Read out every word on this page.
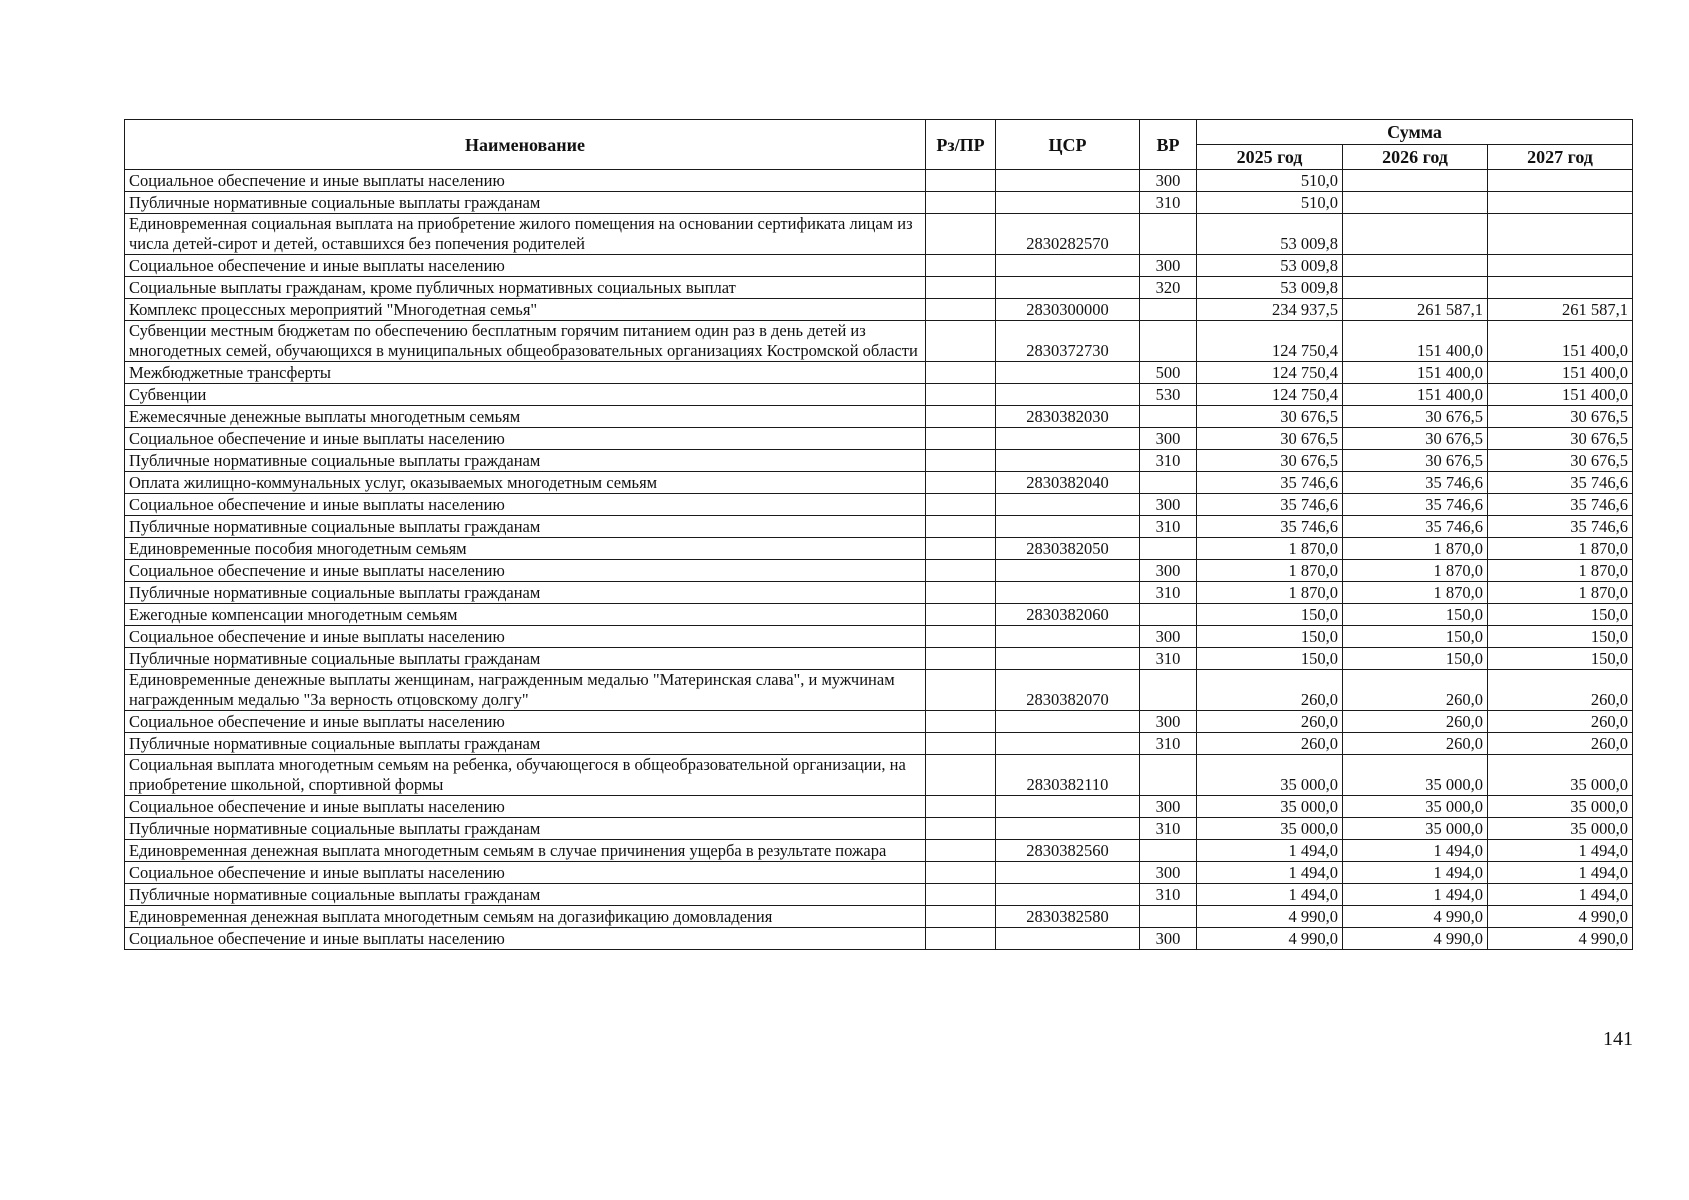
Наименование	Рз/ПР	ЦСР	ВР	Сумма		
				2025 год	2026 год	2027 год
Социальное обеспечение и иные выплаты населению			300	510,0		
Публичные нормативные социальные выплаты гражданам			310	510,0		
Единовременная социальная выплата на приобретение жилого помещения на основании сертификата лицам из числа детей-сирот и детей, оставшихся без попечения родителей		2830282570		53 009,8		
Социальное обеспечение и иные выплаты населению			300	53 009,8		
Социальные выплаты гражданам, кроме публичных нормативных социальных выплат			320	53 009,8		
Комплекс процессных мероприятий "Многодетная семья"		2830300000		234 937,5	261 587,1	261 587,1
Субвенции местным бюджетам по обеспечению бесплатным горячим питанием один раз в день детей из многодетных семей, обучающихся в муниципальных общеобразовательных организациях Костромской области		2830372730		124 750,4	151 400,0	151 400,0
Межбюджетные трансферты			500	124 750,4	151 400,0	151 400,0
Субвенции			530	124 750,4	151 400,0	151 400,0
Ежемесячные денежные выплаты многодетным семьям		2830382030		30 676,5	30 676,5	30 676,5
Социальное обеспечение и иные выплаты населению			300	30 676,5	30 676,5	30 676,5
Публичные нормативные социальные выплаты гражданам			310	30 676,5	30 676,5	30 676,5
Оплата жилищно-коммунальных услуг, оказываемых многодетным семьям		2830382040		35 746,6	35 746,6	35 746,6
Социальное обеспечение и иные выплаты населению			300	35 746,6	35 746,6	35 746,6
Публичные нормативные социальные выплаты гражданам			310	35 746,6	35 746,6	35 746,6
Единовременные пособия многодетным семьям		2830382050		1 870,0	1 870,0	1 870,0
Социальное обеспечение и иные выплаты населению			300	1 870,0	1 870,0	1 870,0
Публичные нормативные социальные выплаты гражданам			310	1 870,0	1 870,0	1 870,0
Ежегодные компенсации многодетным семьям		2830382060		150,0	150,0	150,0
Социальное обеспечение и иные выплаты населению			300	150,0	150,0	150,0
Публичные нормативные социальные выплаты гражданам			310	150,0	150,0	150,0
Единовременные денежные выплаты женщинам, награжденным медалью "Материнская слава", и мужчинам награжденным медалью "За верность отцовскому долгу"		2830382070		260,0	260,0	260,0
Социальное обеспечение и иные выплаты населению			300	260,0	260,0	260,0
Публичные нормативные социальные выплаты гражданам			310	260,0	260,0	260,0
Социальная выплата многодетным семьям на ребенка, обучающегося в общеобразовательной организации, на приобретение школьной, спортивной формы		2830382110		35 000,0	35 000,0	35 000,0
Социальное обеспечение и иные выплаты населению			300	35 000,0	35 000,0	35 000,0
Публичные нормативные социальные выплаты гражданам			310	35 000,0	35 000,0	35 000,0
Единовременная денежная выплата многодетным семьям в случае причинения ущерба в результате пожара		2830382560		1 494,0	1 494,0	1 494,0
Социальное обеспечение и иные выплаты населению			300	1 494,0	1 494,0	1 494,0
Публичные нормативные социальные выплаты гражданам			310	1 494,0	1 494,0	1 494,0
Единовременная денежная выплата многодетным семьям на догазификацию домовладения		2830382580		4 990,0	4 990,0	4 990,0
Социальное обеспечение и иные выплаты населению			300	4 990,0	4 990,0	4 990,0
141
